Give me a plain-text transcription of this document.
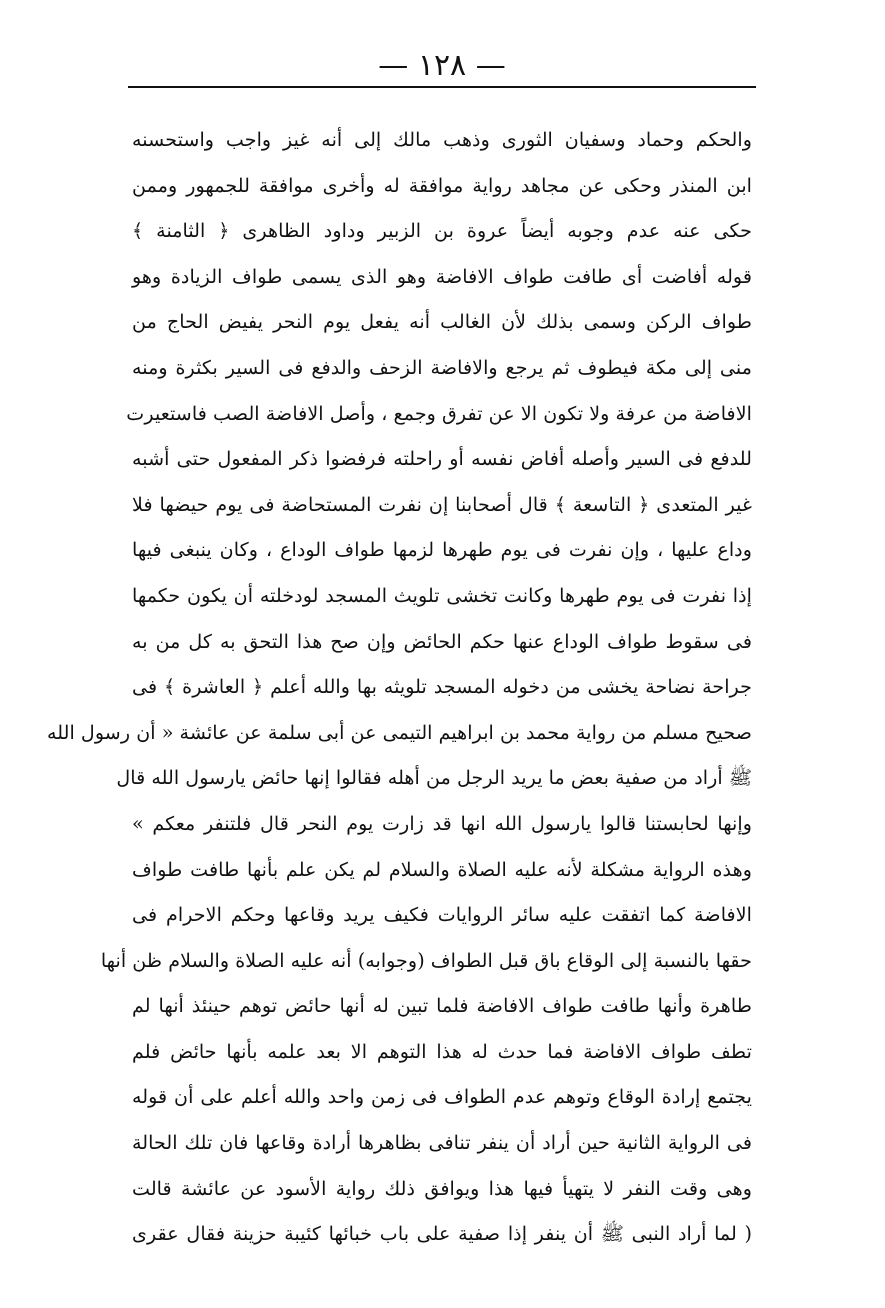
— ١٢٨ —
والحكم وحماد وسفيان الثورى وذهب مالك إلى أنه غيز واجب واستحسنه
ابن المنذر وحكى عن مجاهد رواية موافقة له وأخرى موافقة للجمهور وممن
حكى عنه عدم وجوبه أيضاً عروة بن الزبير وداود الظاهرى ﴿ الثامنة ﴾
قوله أفاضت أى طافت طواف الافاضة وهو الذى يسمى طواف الزيادة وهو
طواف الركن وسمى بذلك لأن الغالب أنه يفعل يوم النحر يفيض الحاج من
منى إلى مكة فيطوف ثم يرجع والافاضة الزحف والدفع فى السير بكثرة ومنه
الافاضة من عرفة ولا تكون الا عن تفرق وجمع ، وأصل الافاضة الصب فاستعيرت
للدفع فى السير وأصله أفاض نفسه أو راحلته فرفضوا ذكر المفعول حتى أشبه
غير المتعدى ﴿ التاسعة ﴾ قال أصحابنا إن نفرت المستحاضة فى يوم حيضها فلا
وداع عليها ، وإن نفرت فى يوم طهرها لزمها طواف الوداع ، وكان ينبغى فيها
إذا نفرت فى يوم طهرها وكانت تخشى تلويث المسجد لودخلته أن يكون حكمها
فى سقوط طواف الوداع عنها حكم الحائض وإن صح هذا التحق به كل من به
جراحة نضاحة يخشى من دخوله المسجد تلويثه بها والله أعلم ﴿ العاشرة ﴾ فى
صحيح مسلم من رواية محمد بن ابراهيم التيمى عن أبى سلمة عن عائشة « أن رسول الله
ﷺ أراد من صفية بعض ما يريد الرجل من أهله فقالوا إنها حائض يارسول الله قال
وإنها لحابستنا قالوا يارسول الله انها قد زارت يوم النحر قال فلتنفر معكم »
وهذه الرواية مشكلة لأنه عليه الصلاة والسلام لم يكن علم بأنها طافت طواف
الافاضة كما اتفقت عليه سائر الروايات فكيف يريد وقاعها وحكم الاحرام فى
حقها بالنسبة إلى الوقاع باق قبل الطواف (وجوابه) أنه عليه الصلاة والسلام ظن أنها
طاهرة وأنها طافت طواف الافاضة فلما تبين له أنها حائض توهم حينئذ أنها لم
تطف طواف الافاضة فما حدث له هذا التوهم الا بعد علمه بأنها حائض فلم
يجتمع إرادة الوقاع وتوهم عدم الطواف فى زمن واحد والله أعلم على أن قوله
فى الرواية الثانية حين أراد أن ينفر تنافى بظاهرها أرادة وقاعها فان تلك الحالة
وهى وقت النفر لا يتهيأ فيها هذا ويوافق ذلك رواية الأسود عن عائشة قالت
( لما أراد النبى ﷺ أن ينفر إذا صفية على باب خبائها كئيبة حزينة فقال عقرى
